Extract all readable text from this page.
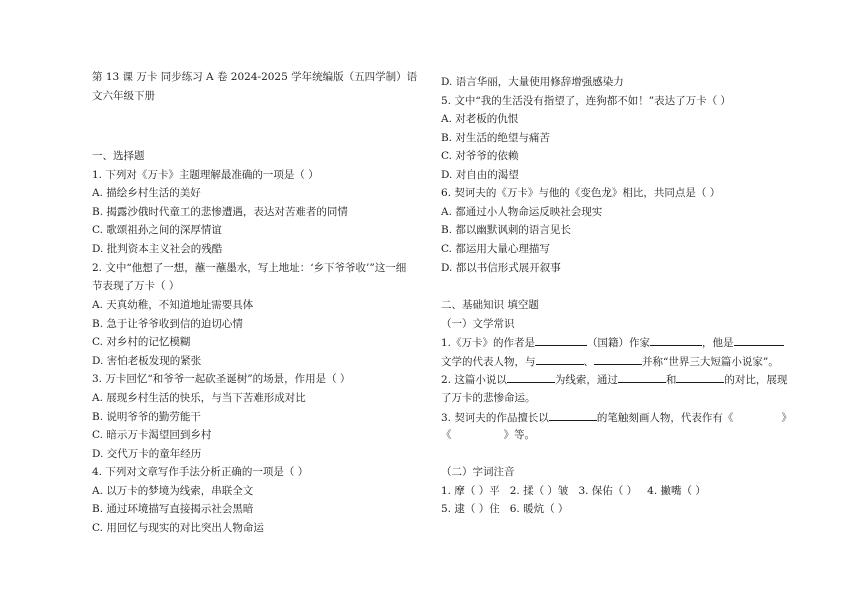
第 13 课 万卡 同步练习 A 卷 2024-2025 学年统编版（五四学制）语
文六年级下册
一、选择题
1. 下列对《万卡》主题理解最准确的一项是（ ）
A. 描绘乡村生活的美好
B. 揭露沙俄时代童工的悲惨遭遇，表达对苦难者的同情
C. 歌颂祖孙之间的深厚情谊
D. 批判资本主义社会的残酷
2. 文中“他想了一想，蘸一蘸墨水，写上地址：‘乡下爷爷收’”这一细
节表现了万卡（ ）
A. 天真幼稚，不知道地址需要具体
B. 急于让爷爷收到信的迫切心情
C. 对乡村的记忆模糊
D. 害怕老板发现的紧张
3. 万卡回忆“和爷爷一起砍圣诞树”的场景，作用是（ ）
A. 展现乡村生活的快乐，与当下苦难形成对比
B. 说明爷爷的勤劳能干
C. 暗示万卡渴望回到乡村
D. 交代万卡的童年经历
4. 下列对文章写作手法分析正确的一项是（ ）
A. 以万卡的梦境为线索，串联全文
B. 通过环境描写直接揭示社会黑暗
C. 用回忆与现实的对比突出人物命运
D. 语言华丽，大量使用修辞增强感染力
5. 文中“我的生活没有指望了，连狗都不如！”表达了万卡（ ）
A. 对老板的仇恨
B. 对生活的绝望与痛苦
C. 对爷爷的依赖
D. 对自由的渴望
6. 契诃夫的《万卡》与他的《变色龙》相比，共同点是（ ）
A. 都通过小人物命运反映社会现实
B. 都以幽默讽刺的语言见长
C. 都运用大量心理描写
D. 都以书信形式展开叙事
二、基础知识 填空题
（一）文学常识
1.《万卡》的作者是	（国籍）作家	，他是
文学的代表人物，与	、	并称“世界三大短篇小说家”。
2. 这篇小说以	为线索，通过	和	的对比，展现
了万卡的悲惨命运。
3. 契诃夫的作品擅长以	的笔触刻画人物，代表作有《	》
《	》等。
（二）字词注音
1. 摩（ ）平 2. 揉（ ）皱 3. 保佑（ ） 4. 撇嘴（ ）
5. 逮（ ）住 6. 暖炕（ ）
